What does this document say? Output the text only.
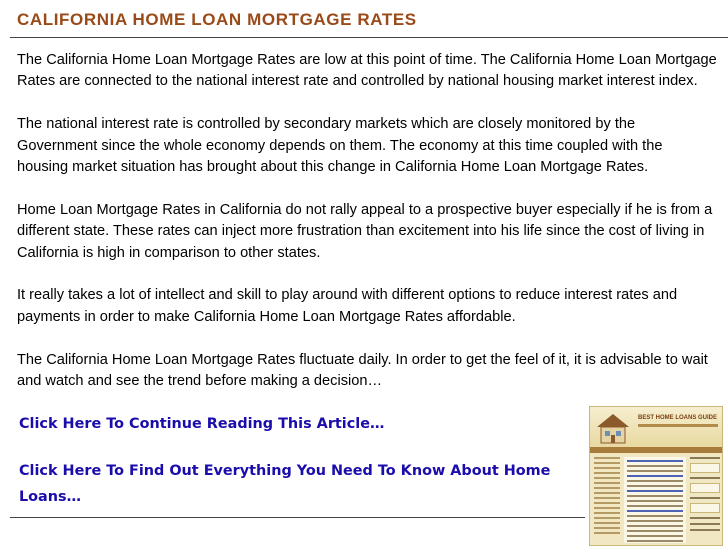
CALIFORNIA HOME LOAN MORTGAGE RATES

The California Home Loan Mortgage Rates are low at this point of time. The California Home Loan Mortgage Rates are connected to the national interest rate and controlled by national housing market interest index.

The national interest rate is controlled by secondary markets which are closely monitored by the Government since the whole economy depends on them. The economy at this time coupled with the housing market situation has brought about this change in California Home Loan Mortgage Rates.

Home Loan Mortgage Rates in California do not rally appeal to a prospective buyer especially if he is from a different state. These rates can inject more frustration than excitement into his life since the cost of living in California is high in comparison to other states.

It really takes a lot of intellect and skill to play around with different options to reduce interest rates and payments in order to make California Home Loan Mortgage Rates affordable.

The California Home Loan Mortgage Rates fluctuate daily. In order to get the feel of it, it is advisable to wait and watch and see the trend before making a decision…

Click Here To Continue Reading This Article…
Click Here To Find Out Everything You Need To Know About Home Loans…
BEST HOME LOANS GUIDE
